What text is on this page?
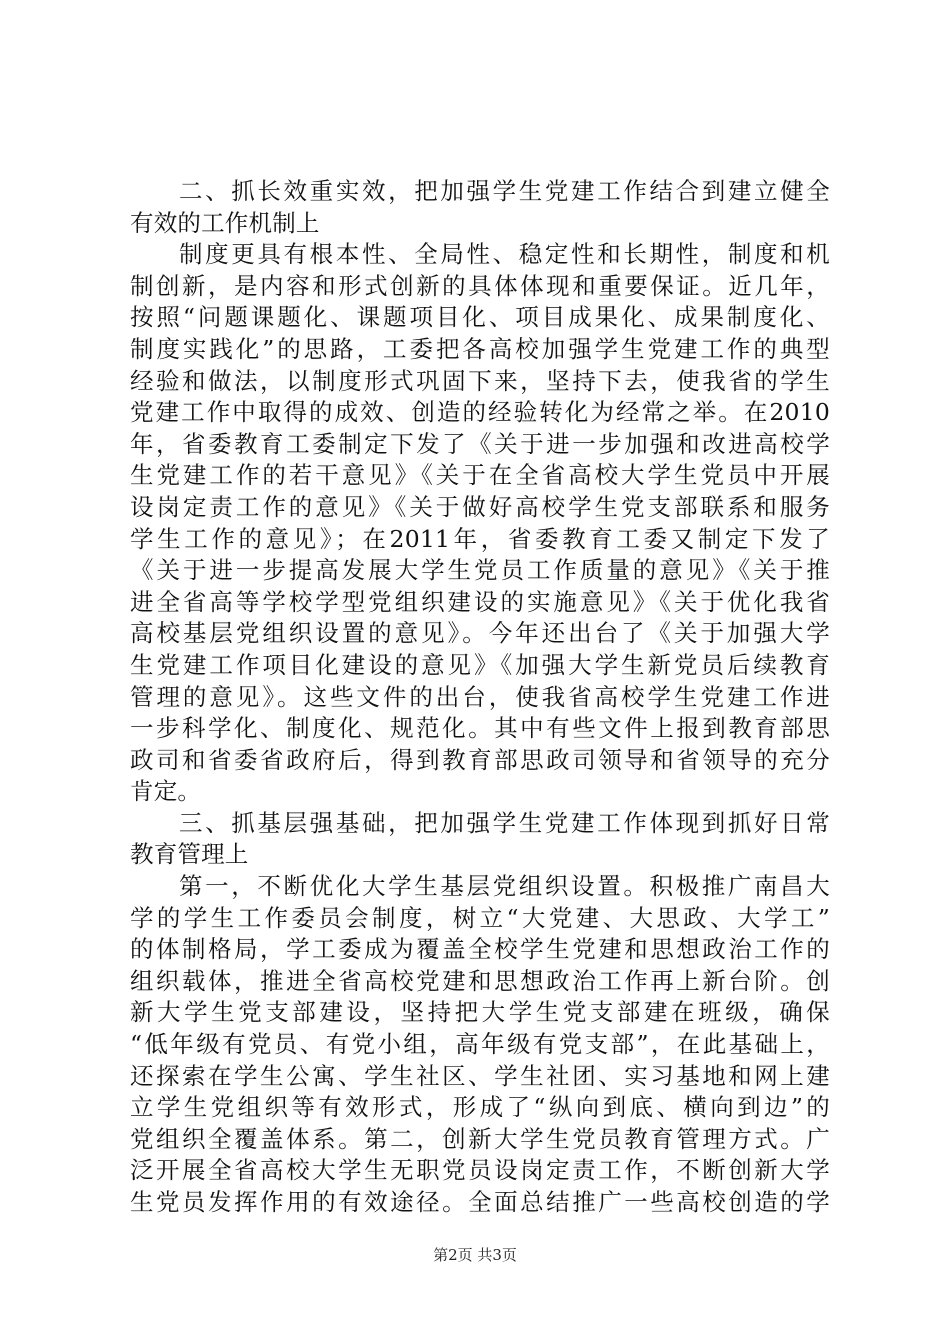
二、抓长效重实效，把加强学生党建工作结合到建立健全
有效的工作机制上
制度更具有根本性、全局性、稳定性和长期性，制度和机
制创新，是内容和形式创新的具体体现和重要保证。近几年，
按照“问题课题化、课题项目化、项目成果化、成果制度化、
制度实践化”的思路，工委把各高校加强学生党建工作的典型
经验和做法，以制度形式巩固下来，坚持下去，使我省的学生
党建工作中取得的成效、创造的经验转化为经常之举。在2010
年，省委教育工委制定下发了《关于进一步加强和改进高校学
生党建工作的若干意见》《关于在全省高校大学生党员中开展
设岗定责工作的意见》《关于做好高校学生党支部联系和服务
学生工作的意见》；在2011年，省委教育工委又制定下发了
《关于进一步提高发展大学生党员工作质量的意见》《关于推
进全省高等学校学型党组织建设的实施意见》《关于优化我省
高校基层党组织设置的意见》。今年还出台了《关于加强大学
生党建工作项目化建设的意见》《加强大学生新党员后续教育
管理的意见》。这些文件的出台，使我省高校学生党建工作进
一步科学化、制度化、规范化。其中有些文件上报到教育部思
政司和省委省政府后，得到教育部思政司领导和省领导的充分
肯定。
三、抓基层强基础，把加强学生党建工作体现到抓好日常
教育管理上
第一，不断优化大学生基层党组织设置。积极推广南昌大
学的学生工作委员会制度，树立“大党建、大思政、大学工”
的体制格局，学工委成为覆盖全校学生党建和思想政治工作的
组织载体，推进全省高校党建和思想政治工作再上新台阶。创
新大学生党支部建设，坚持把大学生党支部建在班级，确保
“低年级有党员、有党小组，高年级有党支部”，在此基础上，
还探索在学生公寓、学生社区、学生社团、实习基地和网上建
立学生党组织等有效形式，形成了“纵向到底、横向到边”的
党组织全覆盖体系。第二，创新大学生党员教育管理方式。广
泛开展全省高校大学生无职党员设岗定责工作，不断创新大学
生党员发挥作用的有效途径。全面总结推广一些高校创造的学
第2页 共3页
